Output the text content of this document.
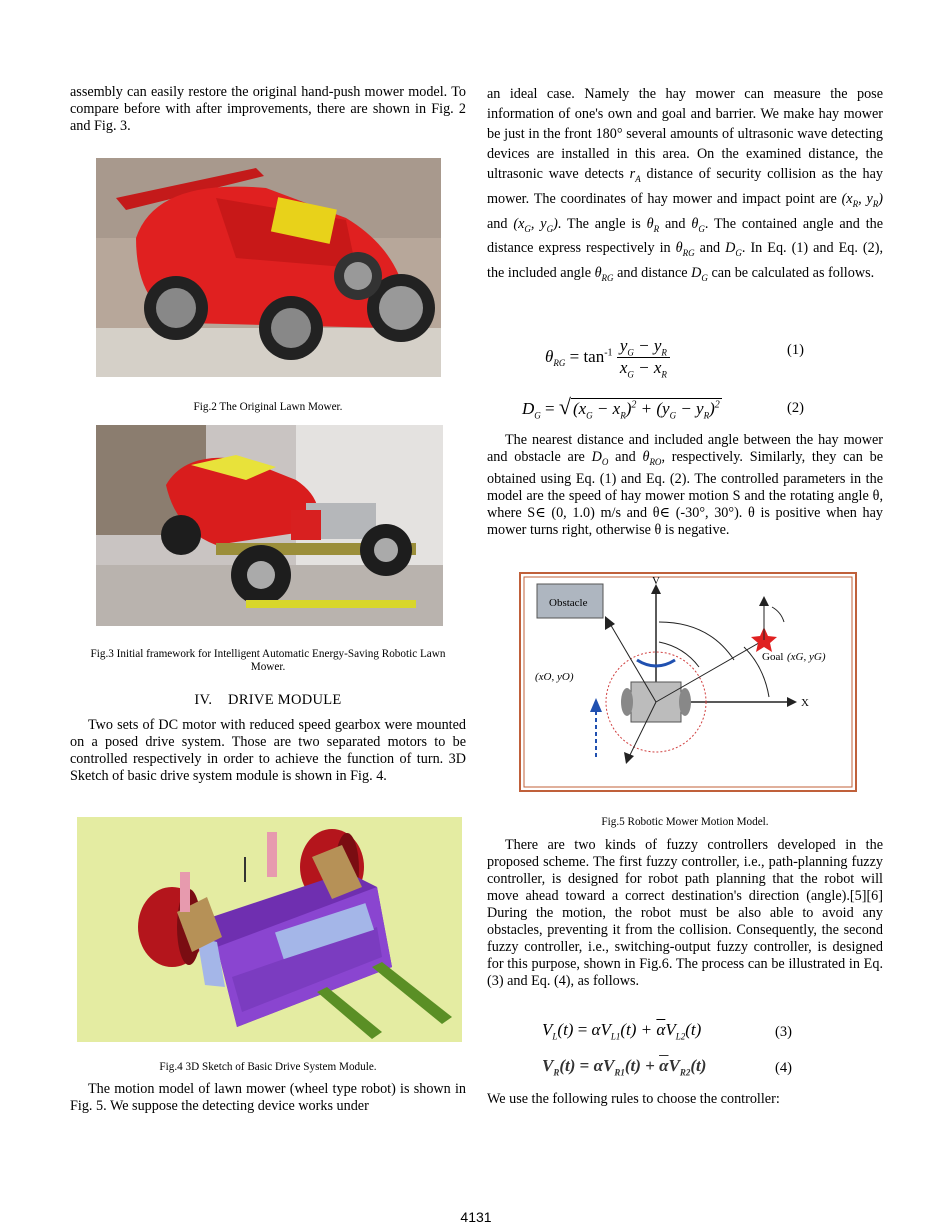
assembly can easily restore the original hand-push mower model. To compare before with after improvements, there are shown in Fig. 2 and Fig. 3.

Fig.2 The Original Lawn Mower.
Fig.3 Initial framework for Intelligent Automatic Energy-Saving Robotic Lawn Mower.
IV.    DRIVE MODULE

Two sets of DC motor with reduced speed gearbox were mounted on a posed drive system. Those are two separated motors to be controlled respectively in order to achieve the function of turn. 3D Sketch of basic drive system module is shown in Fig. 4.

Fig.4 3D Sketch of Basic Drive System Module.

The motion model of lawn mower (wheel type robot) is shown in Fig. 5. We suppose the detecting device works under

an ideal case. Namely the hay mower can measure the pose information of one's own and goal and barrier. We make hay mower be just in the front 180° several amounts of ultrasonic wave detecting devices are installed in this area. On the examined distance, the ultrasonic wave detects $r_A$ distance of security collision as the hay mower. The coordinates of hay mower and impact point are ($x_R$, $y_R$) and ($x_G$, $y_G$). The angle is $\theta_R$ and $\theta_G$. The contained angle and the distance express respectively in $\theta_{RG}$ and $D_G$. In Eq. (1) and Eq. (2), the included angle $\theta_{RG}$ and distance $D_G$ can be calculated as follows.

$\theta_{RG} = \tan^{-1} \frac{y_G - y_R}{x_G - x_R}$	(1)
$D_G$ = √ $(x_G - x_R)^2 + (y_G - y_R)^2$	(2)

The nearest distance and included angle between the hay mower and obstacle are $D_O$ and $\theta_{RO}$, respectively. Similarly, they can be obtained using Eq. (1) and Eq. (2). The controlled parameters in the model are the speed of hay mower motion S and the rotating angle θ, where S∈ (0, 1.0) m/s and θ∈ (-30°, 30°). θ is positive when hay mower turns right, otherwise θ is negative.

Obstacle
V
X
Goal (xG, yG)
(xO, yO)
Fig.5 Robotic Mower Motion Model.

There are two kinds of fuzzy controllers developed in the proposed scheme. The first fuzzy controller, i.e., path-planning fuzzy controller, is designed for robot path planning that the robot will move ahead toward a correct destination's direction (angle).[5][6] During the motion, the robot must be also able to avoid any obstacles, preventing it from the collision. Consequently, the second fuzzy controller, i.e., switching-output fuzzy controller, is designed for this purpose, shown in Fig.6. The process can be illustrated in Eq. (3) and Eq. (4), as follows.

$V_L(t) = \alpha V_{L1}(t) + \overline{\alpha}V_{L2}(t)$	(3)
$V_R(t) = \alpha V_{R1}(t) + \overline{\alpha}V_{R2}(t)$	(4)

We use the following rules to choose the controller:

4131
